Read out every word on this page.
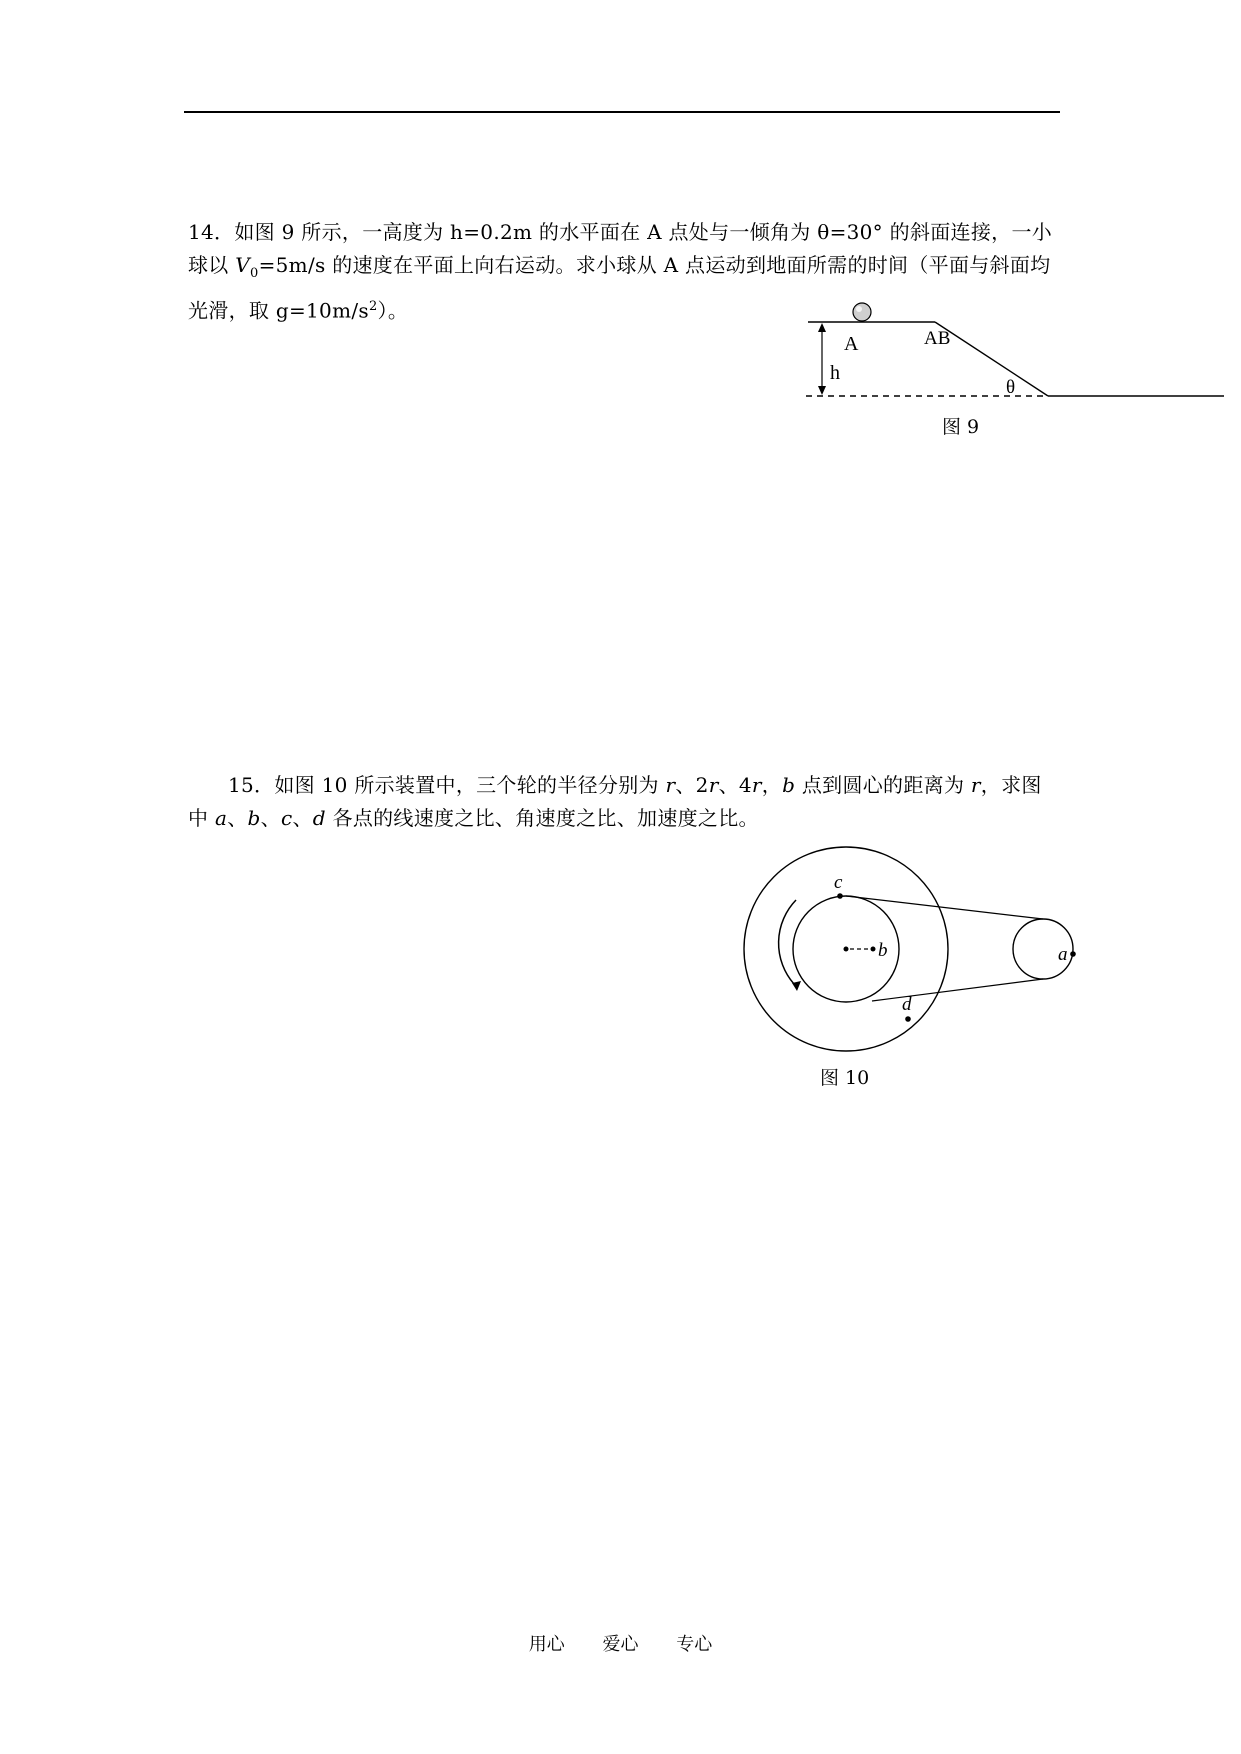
14．如图 9 所示，一高度为 h=0.2m 的水平面在 A 点处与一倾角为 θ=30° 的斜面连接，一小球以 $V_0=5m/s$ 的速度在平面上向右运动。求小球从 A 点运动到地面所需的时间（平面与斜面均光滑，取 $g=10m/s^2$）。
A	AB
h
θ
图 9
15．如图 10 所示装置中，三个轮的半径分别为 r、2r、4r，b 点到圆心的距离为 r，求图中 a、b、c、d 各点的线速度之比、角速度之比、加速度之比。
c
b
d
a
图 10
用心 爱心 专心
